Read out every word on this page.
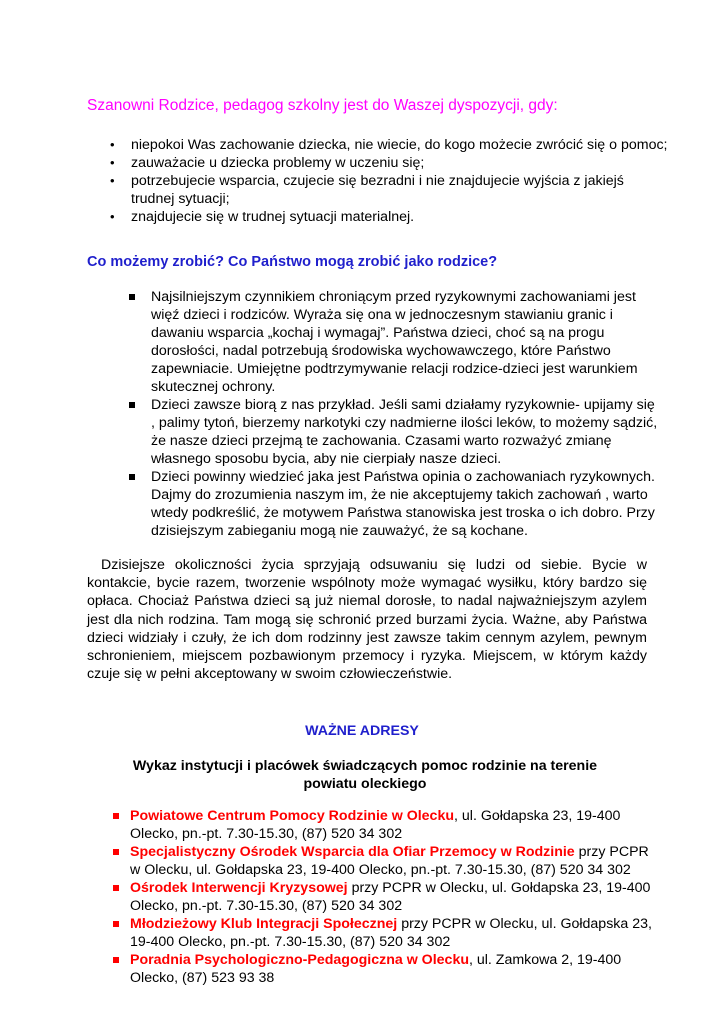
Szanowni Rodzice, pedagog szkolny jest do Waszej dyspozycji, gdy:
• niepokoi Was zachowanie dziecka, nie wiecie, do kogo możecie zwrócić się o pomoc;
• zauważacie u dziecka problemy w uczeniu się;
• potrzebujecie wsparcia, czujecie się bezradni i nie znajdujecie wyjścia z jakiejś trudnej sytuacji;
• znajdujecie się w trudnej sytuacji materialnej.
Co możemy zrobić? Co Państwo mogą zrobić jako rodzice?
Najsilniejszym czynnikiem chroniącym przed ryzykownymi zachowaniami jest więź dzieci i rodziców. Wyraża się ona w jednoczesnym stawianiu granic i dawaniu wsparcia „kochaj i wymagaj”. Państwa dzieci, choć są na progu dorosłości, nadal potrzebują środowiska wychowawczego, które Państwo zapewniacie. Umiejętne podtrzymywanie relacji rodzice-dzieci jest warunkiem skutecznej ochrony.
Dzieci zawsze biorą z nas przykład. Jeśli sami działamy ryzykownie- upijamy się , palimy tytoń, bierzemy narkotyki czy nadmierne ilości leków, to możemy sądzić, że nasze dzieci przejmą te zachowania. Czasami warto rozważyć zmianę własnego sposobu bycia, aby nie cierpiały nasze dzieci.
Dzieci powinny wiedzieć jaka jest Państwa opinia o zachowaniach ryzykownych. Dajmy do zrozumienia naszym im, że nie akceptujemy takich zachowań , warto wtedy podkreślić, że motywem Państwa stanowiska jest troska o ich dobro. Przy dzisiejszym zabieganiu mogą nie zauważyć, że są kochane.

Dzisiejsze okoliczności życia sprzyjają odsuwaniu się ludzi od siebie. Bycie w kontakcie, bycie razem, tworzenie wspólnoty może wymagać wysiłku, który bardzo się opłaca. Chociaż Państwa dzieci są już niemal dorosłe, to nadal najważniejszym azylem jest dla nich rodzina. Tam mogą się schronić przed burzami życia. Ważne, aby Państwa dzieci widziały i czuły, że ich dom rodzinny jest zawsze takim cennym azylem, pewnym schronieniem, miejscem pozbawionym przemocy i ryzyka. Miejscem, w którym każdy czuje się w pełni akceptowany w swoim człowieczeństwie.

WAŻNE ADRESY
Wykaz instytucji i placówek świadczących pomoc rodzinie na terenie powiatu oleckiego
Powiatowe Centrum Pomocy Rodzinie w Olecku, ul. Gołdapska 23, 19-400 Olecko, pn.-pt. 7.30-15.30, (87) 520 34 302
Specjalistyczny Ośrodek Wsparcia dla Ofiar Przemocy w Rodzinie przy PCPR w Olecku, ul. Gołdapska 23, 19-400 Olecko, pn.-pt. 7.30-15.30, (87) 520 34 302
Ośrodek Interwencji Kryzysowej przy PCPR w Olecku, ul. Gołdapska 23, 19-400 Olecko, pn.-pt. 7.30-15.30, (87) 520 34 302
Młodzieżowy Klub Integracji Społecznej przy PCPR w Olecku, ul. Gołdapska 23, 19-400 Olecko, pn.-pt. 7.30-15.30, (87) 520 34 302
Poradnia Psychologiczno-Pedagogiczna w Olecku, ul. Zamkowa 2, 19-400 Olecko, (87) 523 93 38
